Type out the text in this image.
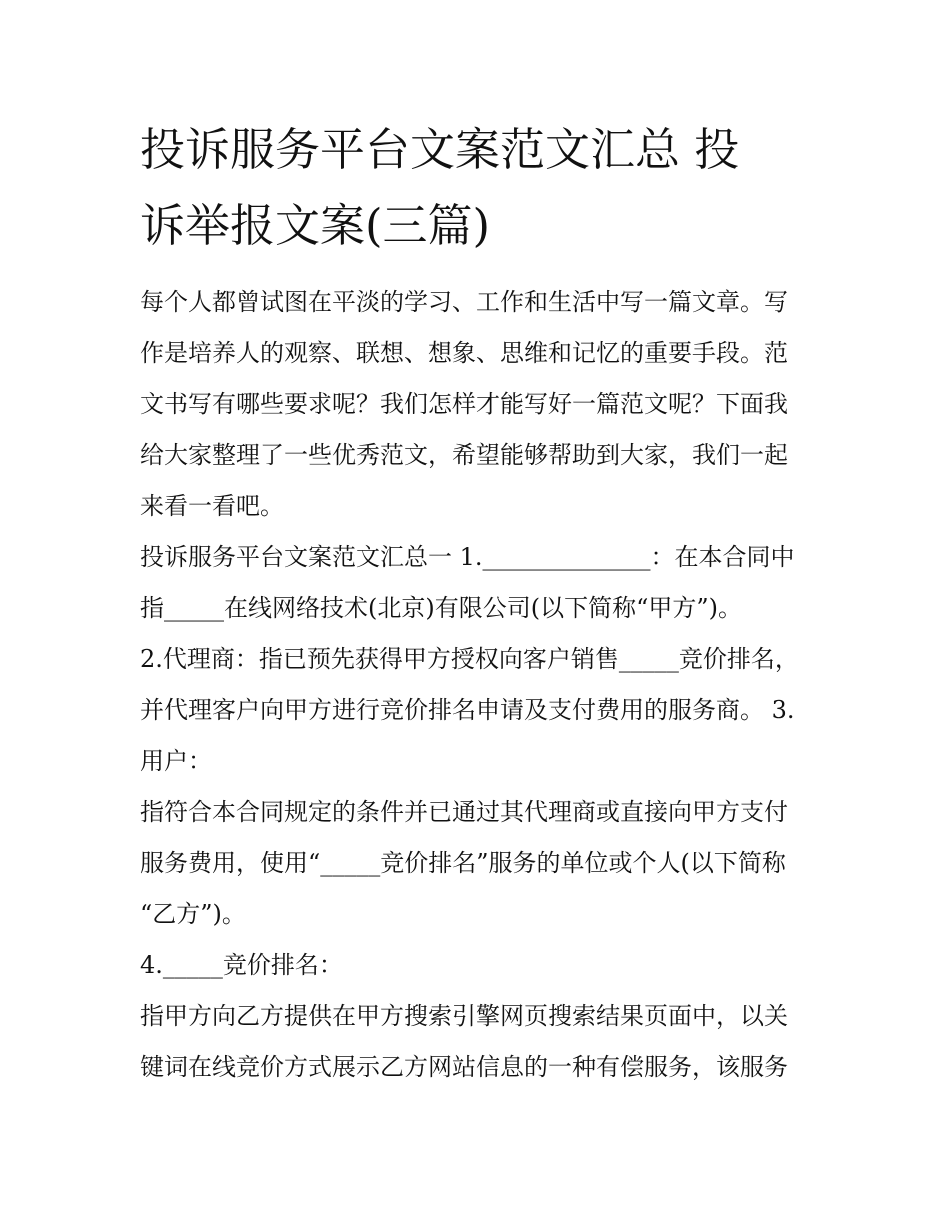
投诉服务平台文案范文汇总 投
诉举报文案(三篇)
每个人都曾试图在平淡的学习、工作和生活中写一篇文章。写
作是培养人的观察、联想、想象、思维和记忆的重要手段。范
文书写有哪些要求呢？我们怎样才能写好一篇范文呢？下面我
给大家整理了一些优秀范文，希望能够帮助到大家，我们一起
来看一看吧。
投诉服务平台文案范文汇总一 1.______________：在本合同中
指_____在线网络技术(北京)有限公司(以下简称“甲方”)。
2.代理商：指已预先获得甲方授权向客户销售_____竞价排名，
并代理客户向甲方进行竞价排名申请及支付费用的服务商。 3.
用户：
指符合本合同规定的条件并已通过其代理商或直接向甲方支付
服务费用，使用“_____竞价排名”服务的单位或个人(以下简称
“乙方”)。
4._____竞价排名：
指甲方向乙方提供在甲方搜索引擎网页搜索结果页面中，以关
键词在线竞价方式展示乙方网站信息的一种有偿服务，该服务
